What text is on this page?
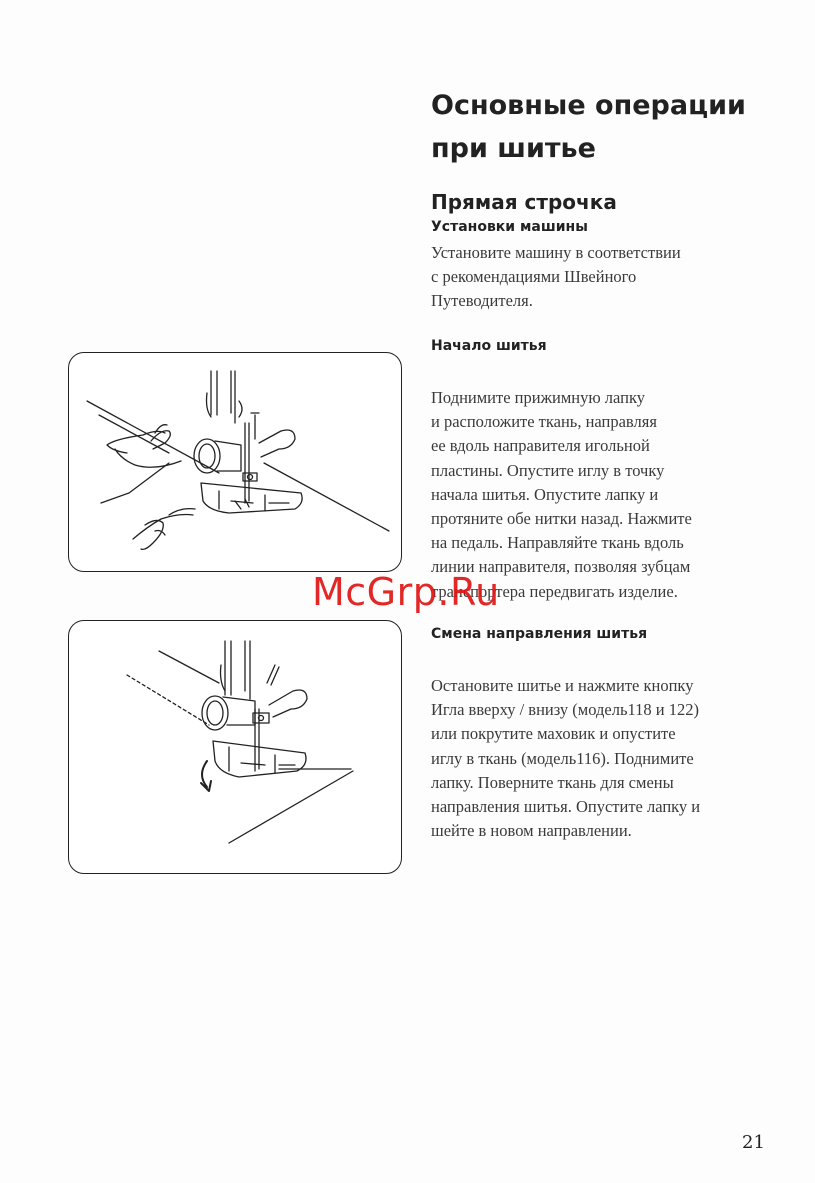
Основные операции при шитье
Прямая строчка
Установки машины

Установите машину в соответствии
с рекомендациями Швейного
Путеводителя.

Начало шитья

Поднимите прижимную лапку
и расположите ткань, направляя
ее вдоль направителя игольной
пластины. Опустите иглу в точку
начала шитья. Опустите лапку и
протяните обе нитки назад. Нажмите
на педаль. Направляйте ткань вдоль
линии направителя, позволяя зубцам
транспортера передвигать изделие.

Смена направления шитья

Остановите шитье и нажмите кнопку
Игла вверху / внизу (модель118 и 122)
или покрутите маховик и опустите
иглу в ткань (модель116). Поднимите
лапку. Поверните ткань для смены
направления шитья. Опустите лапку и
шейте в новом направлении.

McGrp.Ru
21
